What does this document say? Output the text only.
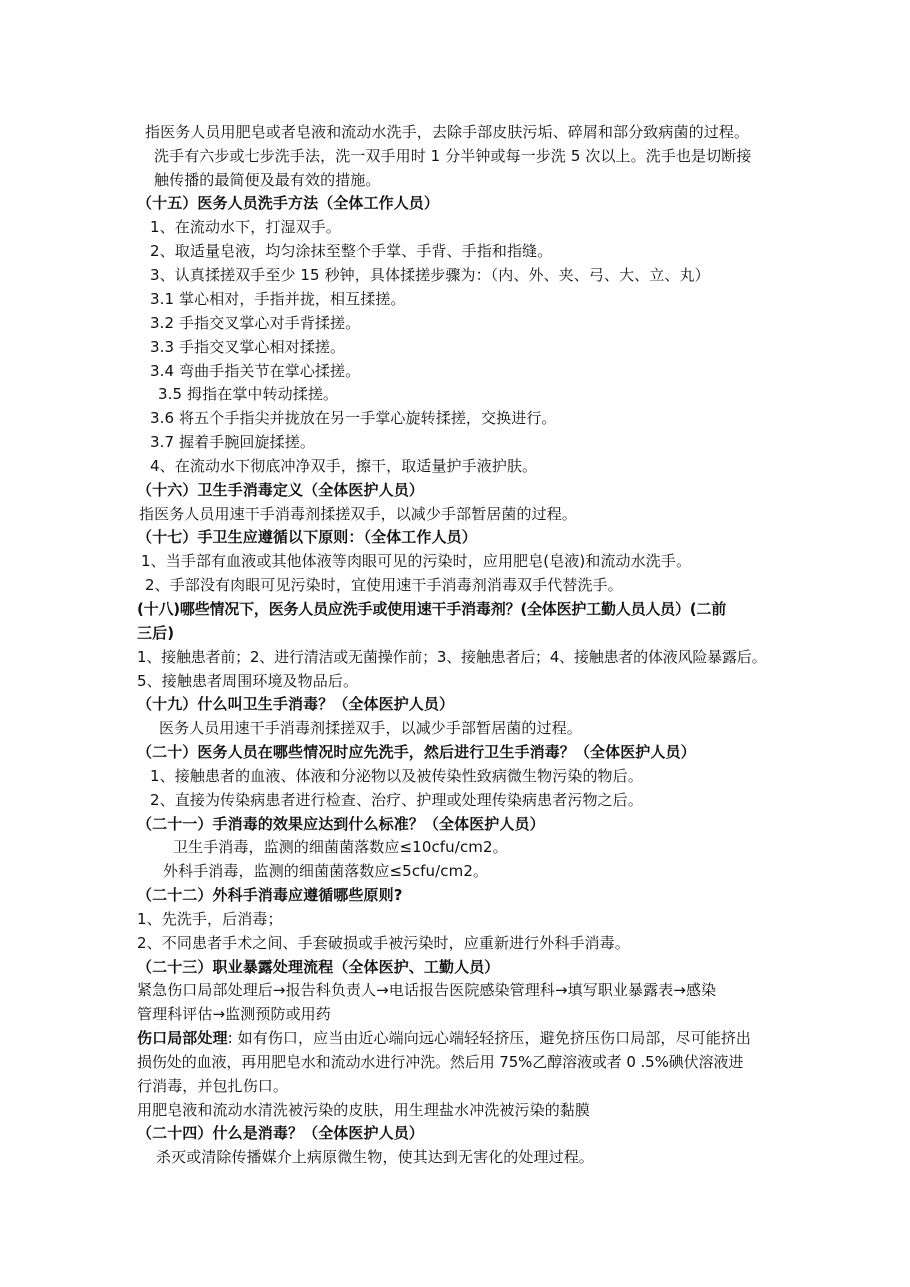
指医务人员用肥皂或者皂液和流动水洗手，去除手部皮肤污垢、碎屑和部分致病菌的过程。
洗手有六步或七步洗手法，洗一双手用时 1 分半钟或每一步洗 5 次以上。洗手也是切断接
触传播的最简便及最有效的措施。
（十五）医务人员洗手方法（全体工作人员）
1、在流动水下，打湿双手。
2、取适量皂液，均匀涂抹至整个手掌、手背、手指和指缝。
3、认真揉搓双手至少 15 秒钟，具体揉搓步骤为：（内、外、夹、弓、大、立、丸）
3.1 掌心相对，手指并拢，相互揉搓。
3.2 手指交叉掌心对手背揉搓。
3.3 手指交叉掌心相对揉搓。
3.4 弯曲手指关节在掌心揉搓。
3.5 拇指在掌中转动揉搓。
3.6 将五个手指尖并拢放在另一手掌心旋转揉搓，交换进行。
3.7 握着手腕回旋揉搓。
4、在流动水下彻底冲净双手，擦干，取适量护手液护肤。
（十六）卫生手消毒定义（全体医护人员）
指医务人员用速干手消毒剂揉搓双手，以减少手部暂居菌的过程。
（十七）手卫生应遵循以下原则：（全体工作人员）
1、当手部有血液或其他体液等肉眼可见的污染时，应用肥皂(皂液)和流动水洗手。
2、手部没有肉眼可见污染时，宜使用速干手消毒剂消毒双手代替洗手。
(十八)哪些情况下，医务人员应洗手或使用速干手消毒剂？(全体医护工勤人员人员）(二前
三后)
1、接触患者前；2、进行清洁或无菌操作前；3、接触患者后；4、接触患者的体液风险暴露后。
5、接触患者周围环境及物品后。
（十九）什么叫卫生手消毒？（全体医护人员）
医务人员用速干手消毒剂揉搓双手，以减少手部暂居菌的过程。
（二十）医务人员在哪些情况时应先洗手，然后进行卫生手消毒？（全体医护人员）
1、接触患者的血液、体液和分泌物以及被传染性致病微生物污染的物后。
2、直接为传染病患者进行检查、治疗、护理或处理传染病患者污物之后。
（二十一）手消毒的效果应达到什么标准？（全体医护人员）
卫生手消毒，监测的细菌菌落数应≤10cfu/cm2。
外科手消毒，监测的细菌菌落数应≤5cfu/cm2。
（二十二）外科手消毒应遵循哪些原则?
1、先洗手，后消毒；
2、不同患者手术之间、手套破损或手被污染时，应重新进行外科手消毒。
（二十三）职业暴露处理流程（全体医护、工勤人员）
紧急伤口局部处理后→报告科负责人→电话报告医院感染管理科→填写职业暴露表→感染
管理科评估→监测预防或用药
伤口局部处理: 如有伤口，应当由近心端向远心端轻轻挤压，避免挤压伤口局部，尽可能挤出
损伤处的血液，再用肥皂水和流动水进行冲洗。然后用 75%乙醇溶液或者 0 .5%碘伏溶液进
行消毒，并包扎伤口。
用肥皂液和流动水清洗被污染的皮肤，用生理盐水冲洗被污染的黏膜
（二十四）什么是消毒？（全体医护人员）
杀灭或清除传播媒介上病原微生物，使其达到无害化的处理过程。
